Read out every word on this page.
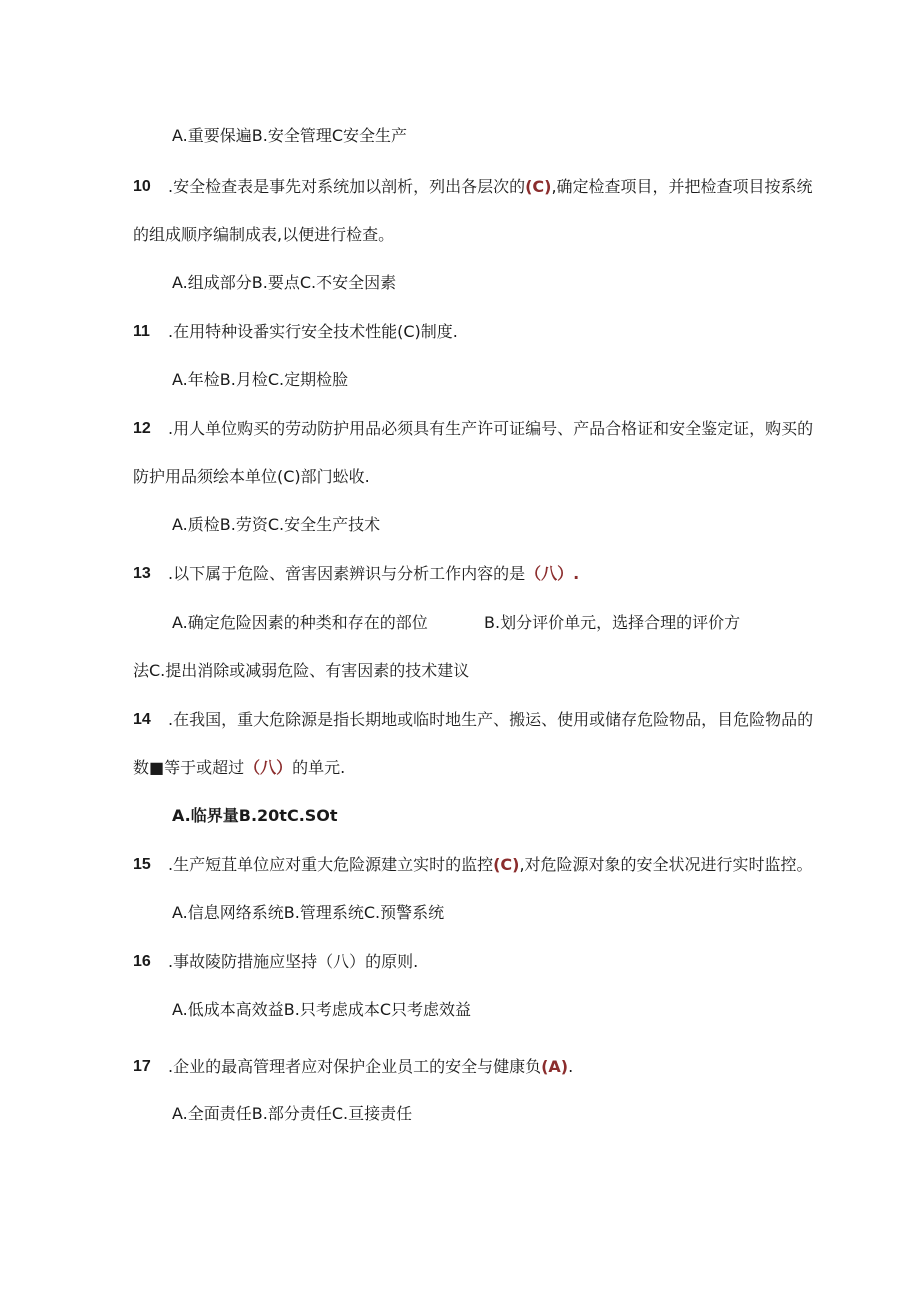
A.重要保遍B.安全管理C安全生产
10 .安全检查表是事先对系统加以剖析，列出各层次的(C),确定检查项目，并把检查项目按系统
的组成顺序编制成表,以便进行检查。
A.组成部分B.要点C.不安全因素
11 .在用特种设番实行安全技术性能(C)制度.
A.年检B.月检C.定期检脸
12 .用人单位购买的劳动防护用品必须具有生产许可证编号、产品合格证和安全鉴定证，购买的
防护用品须绘本单位(C)部门蚣收.
A.质检B.劳资C.安全生产技术
13 .以下属于危险、啻害因素辨识与分析工作内容的是（八）.
A.确定危险因素的种类和存在的部位	B.划分评价单元，选择合理的评价方
法C.提出消除或减弱危险、有害因素的技术建议
14 .在我国，重大危除源是指长期地或临时地生产、搬运、使用或储存危险物品，目危险物品的
数■等于或超过（八）的单元.
A.临界量B.20tC.SOt
15 .生产短苴单位应对重大危险源建立实时的监控(C),对危险源对象的安全状况进行实时监控。
A.信息网络系统B.管理系统C.预警系统
16 .事故陵防措施应坚持（八）的原则.
A.低成本高效益B.只考虑成本C只考虑效益
17 .企业的最高管理者应对保护企业员工的安全与健康负(A).
A.全面责任B.部分责任C.亘接责任
